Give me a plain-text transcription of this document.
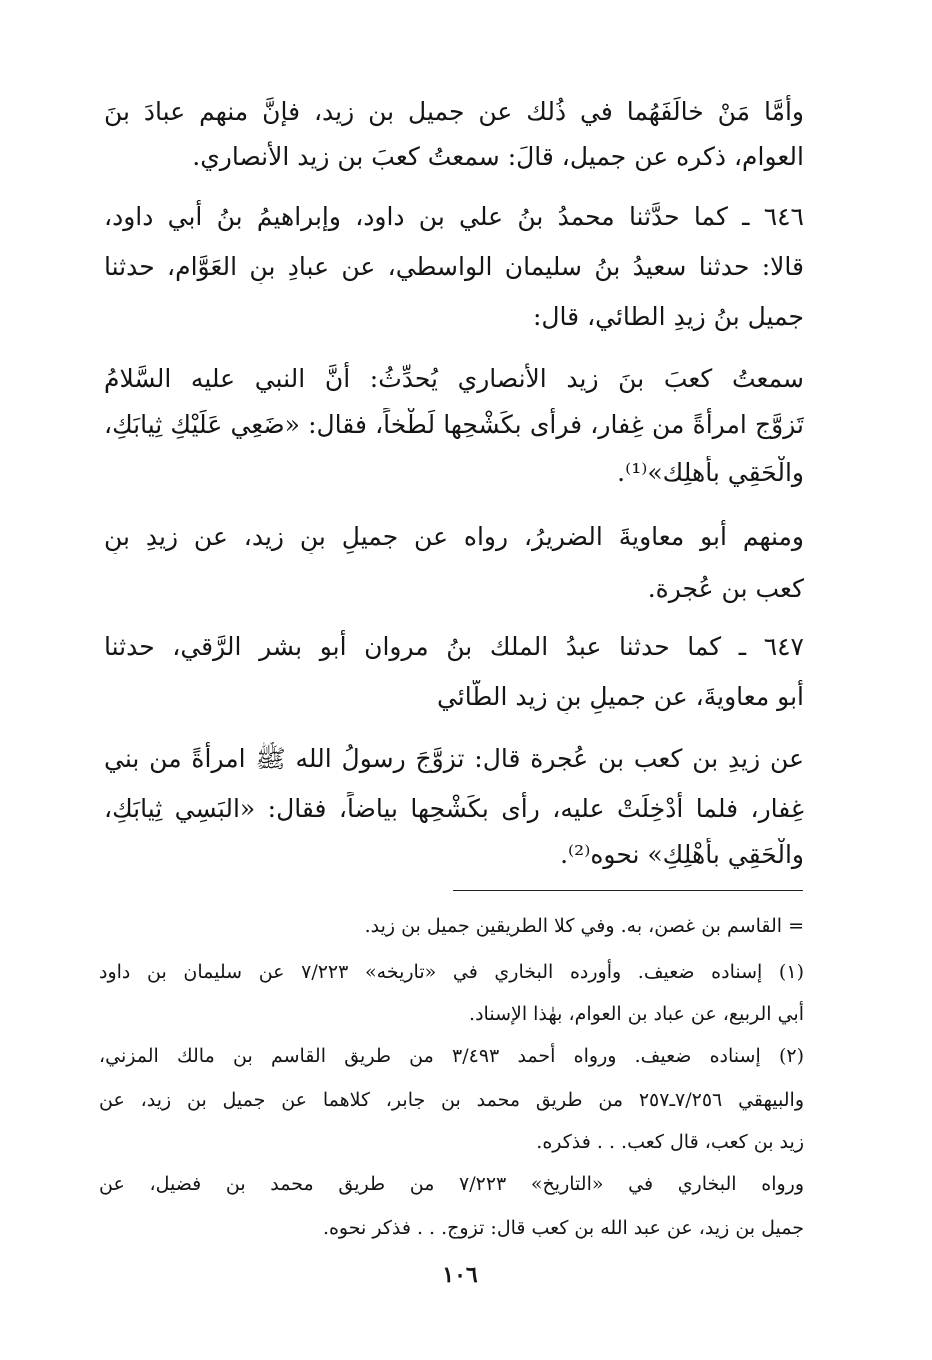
وأمَّا مَنْ خالَفَهُما في ذُلك عن جميل بن زيد، فإنَّ منهم عبادَ بنَ
العوام، ذكره عن جميل، قالَ: سمعتُ كعبَ بن زيد الأنصاري.
٦٤٦ ـ كما حدَّثنا محمدُ بنُ علي بن داود، وإبراهيمُ بنُ أبي داود،
قالا: حدثنا سعيدُ بنُ سليمان الواسطي، عن عبادِ بنِ العَوَّام، حدثنا
جميل بنُ زيدِ الطائي، قال:
سمعتُ كعبَ بنَ زيد الأنصاري يُحدِّثُ: أنَّ النبي عليه السَّلامُ
تَزوَّج امرأةً من غِفار، فرأى بكَشْحِها لَطْخاً، فقال: «ضَعِي عَلَيْكِ ثِيابَكِ،
والْحَقِي بأهلِك»⁽¹⁾.
ومنهم أبو معاويةَ الضريرُ، رواه عن جميلِ بنِ زيد، عن زيدِ بنِ
كعب بن عُجرة.
٦٤٧ ـ كما حدثنا عبدُ الملك بنُ مروان أبو بشر الرَّقي، حدثنا
أبو معاويةَ، عن جميلِ بنِ زيد الطَّائي
عن زيدِ بن كعب بن عُجرة قال: تزوَّجَ رسولُ الله ﷺ امرأةً من بني
غِفار، فلما أُدْخِلَتْ عليه، رأى بكَشْحِها بياضاً، فقال: «البَسِي ثِيابَكِ،
والْحَقِي بأَهْلِكِ» نحوه⁽²⁾.
= القاسم بن غصن، به. وفي كلا الطريقين جميل بن زيد.
(١) إسناده ضعيف. وأورده البخاري في «تاريخه» ٧/٢٢٣ عن سليمان بن داود
أبي الربيع، عن عباد بن العوام، بهٰذا الإسناد.
(٢) إسناده ضعيف. ورواه أحمد ٣/٤٩٣ من طريق القاسم بن مالك المزني،
والبيهقي ٧/٢٥٦ـ٢٥٧ من طريق محمد بن جابر، كلاهما عن جميل بن زيد، عن
زيد بن كعب، قال كعب. . . فذكره.
ورواه البخاري في «التاريخ» ٧/٢٢٣ من طريق محمد بن فضيل، عن
جميل بن زيد، عن عبد الله بن كعب قال: تزوج. . . فذكر نحوه.
١٠٦
